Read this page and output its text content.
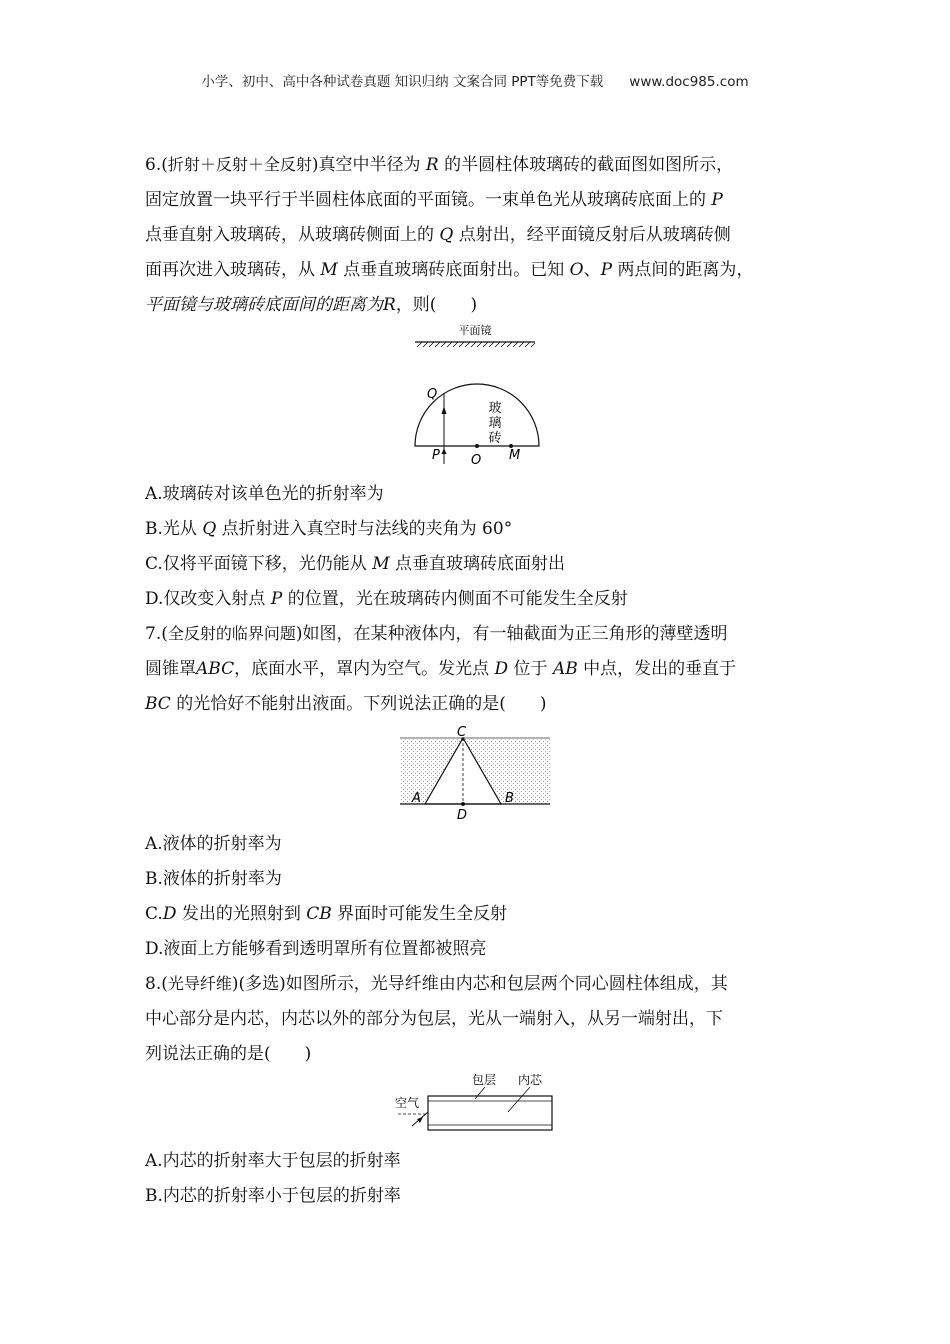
小学、初中、高中各种试卷真题 知识归纳 文案合同 PPT等免费下载 www.doc985.com
6.(折射＋反射＋全反射)真空中半径为 R 的半圆柱体玻璃砖的截面图如图所示，
固定放置一块平行于半圆柱体底面的平面镜。一束单色光从玻璃砖底面上的 P
点垂直射入玻璃砖，从玻璃砖侧面上的 Q 点射出，经平面镜反射后从玻璃砖侧
面再次进入玻璃砖，从 M 点垂直玻璃砖底面射出。已知 O、P 两点间的距离为，
平面镜与玻璃砖底面间的距离为R，则(　　)
平面镜
Q
P O M
玻
璃
砖
A.玻璃砖对该单色光的折射率为
B.光从 Q 点折射进入真空时与法线的夹角为 60°
C.仅将平面镜下移，光仍能从 M 点垂直玻璃砖底面射出
D.仅改变入射点 P 的位置，光在玻璃砖内侧面不可能发生全反射
7.(全反射的临界问题)如图，在某种液体内，有一轴截面为正三角形的薄壁透明
圆锥罩ABC，底面水平，罩内为空气。发光点 D 位于 AB 中点，发出的垂直于
BC 的光恰好不能射出液面。下列说法正确的是(　　)
C
A	B
D
A.液体的折射率为
B.液体的折射率为
C.D 发出的光照射到 CB 界面时可能发生全反射
D.液面上方能够看到透明罩所有位置都被照亮
8.(光导纤维)(多选)如图所示，光导纤维由内芯和包层两个同心圆柱体组成，其
中心部分是内芯，内芯以外的部分为包层，光从一端射入，从另一端射出，下
列说法正确的是(　　)
包层 内芯
空气
A.内芯的折射率大于包层的折射率
B.内芯的折射率小于包层的折射率
